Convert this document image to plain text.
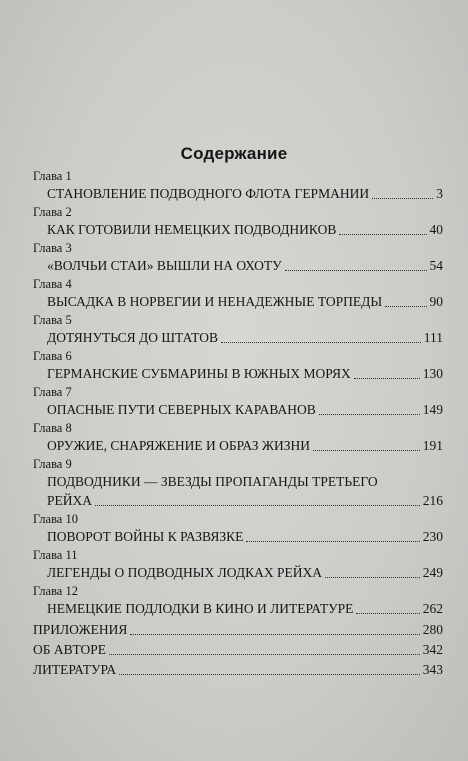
Содержание
Глава 1
СТАНОВЛЕНИЕ ПОДВОДНОГО ФЛОТА ГЕРМАНИИ	3
Глава 2
КАК ГОТОВИЛИ НЕМЕЦКИХ ПОДВОДНИКОВ	40
Глава 3
«ВОЛЧЬИ СТАИ» ВЫШЛИ НА ОХОТУ	54
Глава 4
ВЫСАДКА В НОРВЕГИИ И НЕНАДЕЖНЫЕ ТОРПЕДЫ	90
Глава 5
ДОТЯНУТЬСЯ ДО ШТАТОВ	111
Глава 6
ГЕРМАНСКИЕ СУБМАРИНЫ В ЮЖНЫХ МОРЯХ	130
Глава 7
ОПАСНЫЕ ПУТИ СЕВЕРНЫХ КАРАВАНОВ	149
Глава 8
ОРУЖИЕ, СНАРЯЖЕНИЕ И ОБРАЗ ЖИЗНИ	191
Глава 9
ПОДВОДНИКИ — ЗВЕЗДЫ ПРОПАГАНДЫ ТРЕТЬЕГО
РЕЙХА	216
Глава 10
ПОВОРОТ ВОЙНЫ К РАЗВЯЗКЕ	230
Глава 11
ЛЕГЕНДЫ О ПОДВОДНЫХ ЛОДКАХ РЕЙХА	249
Глава 12
НЕМЕЦКИЕ ПОДЛОДКИ В КИНО И ЛИТЕРАТУРЕ	262
ПРИЛОЖЕНИЯ	280
ОБ АВТОРЕ	342
ЛИТЕРАТУРА	343
